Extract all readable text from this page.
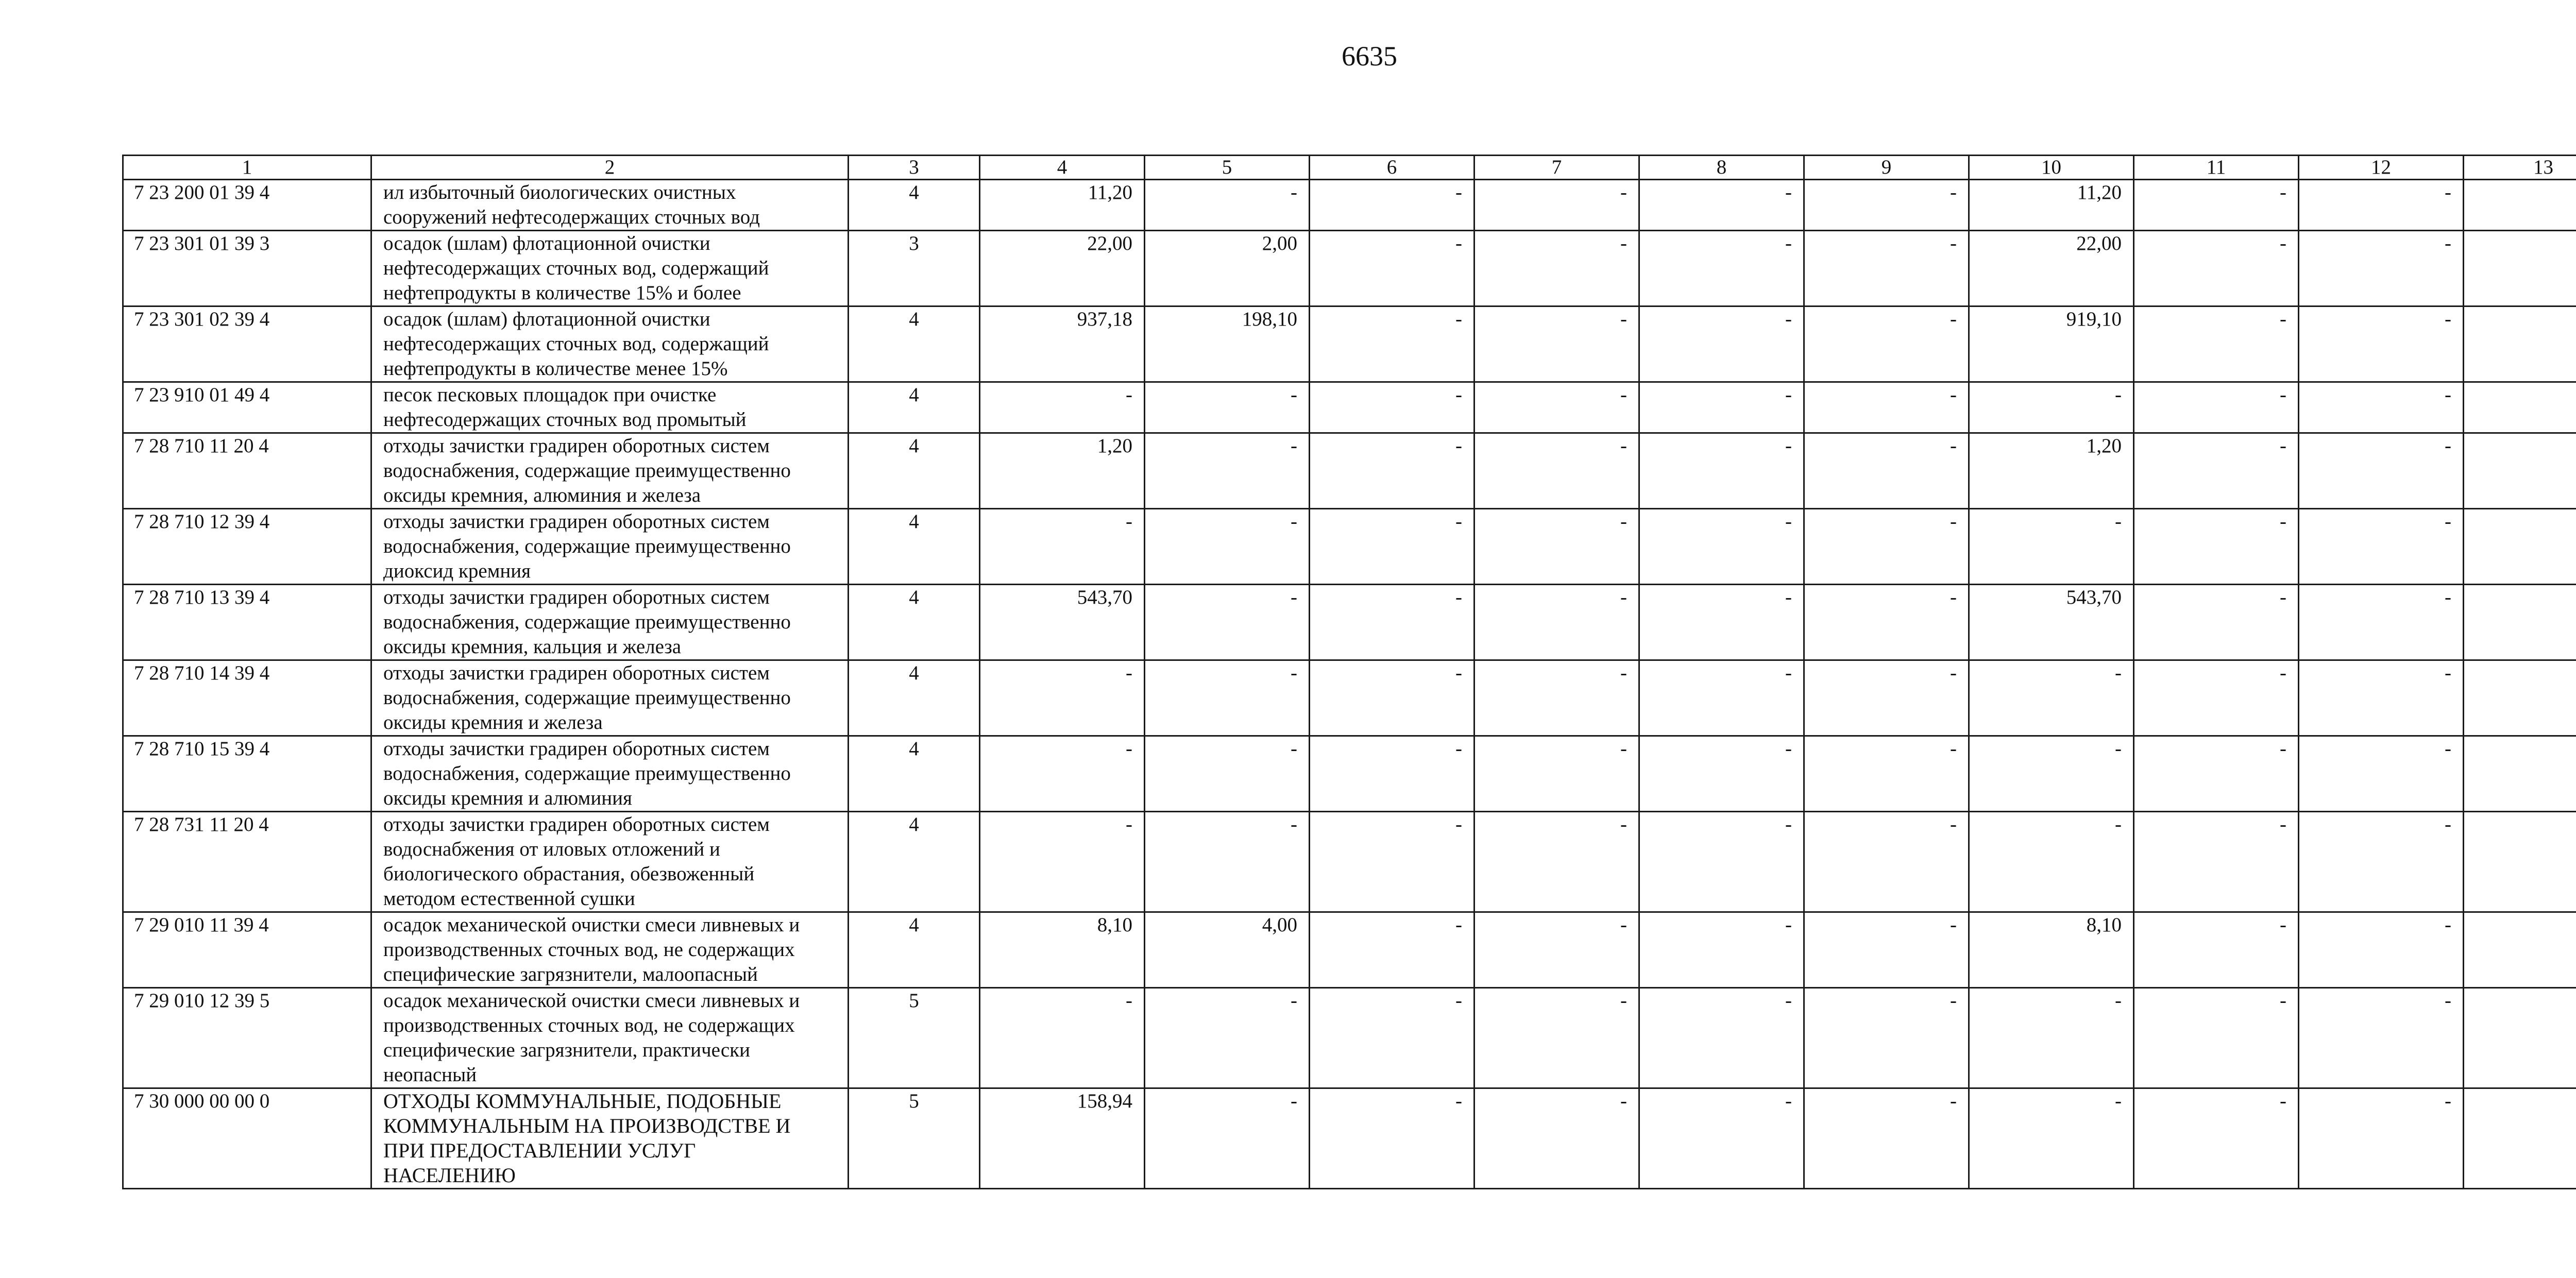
6635
1	2	3	4	5	6	7	8	9	10	11	12	13
7 23 200 01 39 4	ил избыточный биологических очистных
сооружений нефтесодержащих сточных вод	4	11,20	-	-	-	-	-	11,20	-	-	
7 23 301 01 39 3	осадок (шлам) флотационной очистки
нефтесодержащих сточных вод, содержащий
нефтепродукты в количестве 15% и более	3	22,00	2,00	-	-	-	-	22,00	-	-	
7 23 301 02 39 4	осадок (шлам) флотационной очистки
нефтесодержащих сточных вод, содержащий
нефтепродукты в количестве менее 15%	4	937,18	198,10	-	-	-	-	919,10	-	-	
7 23 910 01 49 4	песок песковых площадок при очистке
нефтесодержащих сточных вод промытый	4	-	-	-	-	-	-	-	-	-	
7 28 710 11 20 4	отходы зачистки градирен оборотных систем
водоснабжения, содержащие преимущественно
оксиды кремния, алюминия и железа	4	1,20	-	-	-	-	-	1,20	-	-	
7 28 710 12 39 4	отходы зачистки градирен оборотных систем
водоснабжения, содержащие преимущественно
диоксид кремния	4	-	-	-	-	-	-	-	-	-	
7 28 710 13 39 4	отходы зачистки градирен оборотных систем
водоснабжения, содержащие преимущественно
оксиды кремния, кальция и железа	4	543,70	-	-	-	-	-	543,70	-	-	
7 28 710 14 39 4	отходы зачистки градирен оборотных систем
водоснабжения, содержащие преимущественно
оксиды кремния и железа	4	-	-	-	-	-	-	-	-	-	
7 28 710 15 39 4	отходы зачистки градирен оборотных систем
водоснабжения, содержащие преимущественно
оксиды кремния и алюминия	4	-	-	-	-	-	-	-	-	-	
7 28 731 11 20 4	отходы зачистки градирен оборотных систем
водоснабжения от иловых отложений и
биологического обрастания, обезвоженный
методом естественной сушки	4	-	-	-	-	-	-	-	-	-	
7 29 010 11 39 4	осадок механической очистки смеси ливневых и
производственных сточных вод, не содержащих
специфические загрязнители, малоопасный	4	8,10	4,00	-	-	-	-	8,10	-	-	
7 29 010 12 39 5	осадок механической очистки смеси ливневых и
производственных сточных вод, не содержащих
специфические загрязнители, практически
неопасный	5	-	-	-	-	-	-	-	-	-	
7 30 000 00 00 0	ОТХОДЫ КОММУНАЛЬНЫЕ, ПОДОБНЫЕ
КОММУНАЛЬНЫМ НА ПРОИЗВОДСТВЕ И
ПРИ ПРЕДОСТАВЛЕНИИ УСЛУГ
НАСЕЛЕНИЮ	5	158,94	-	-	-	-	-	-	-	-	
